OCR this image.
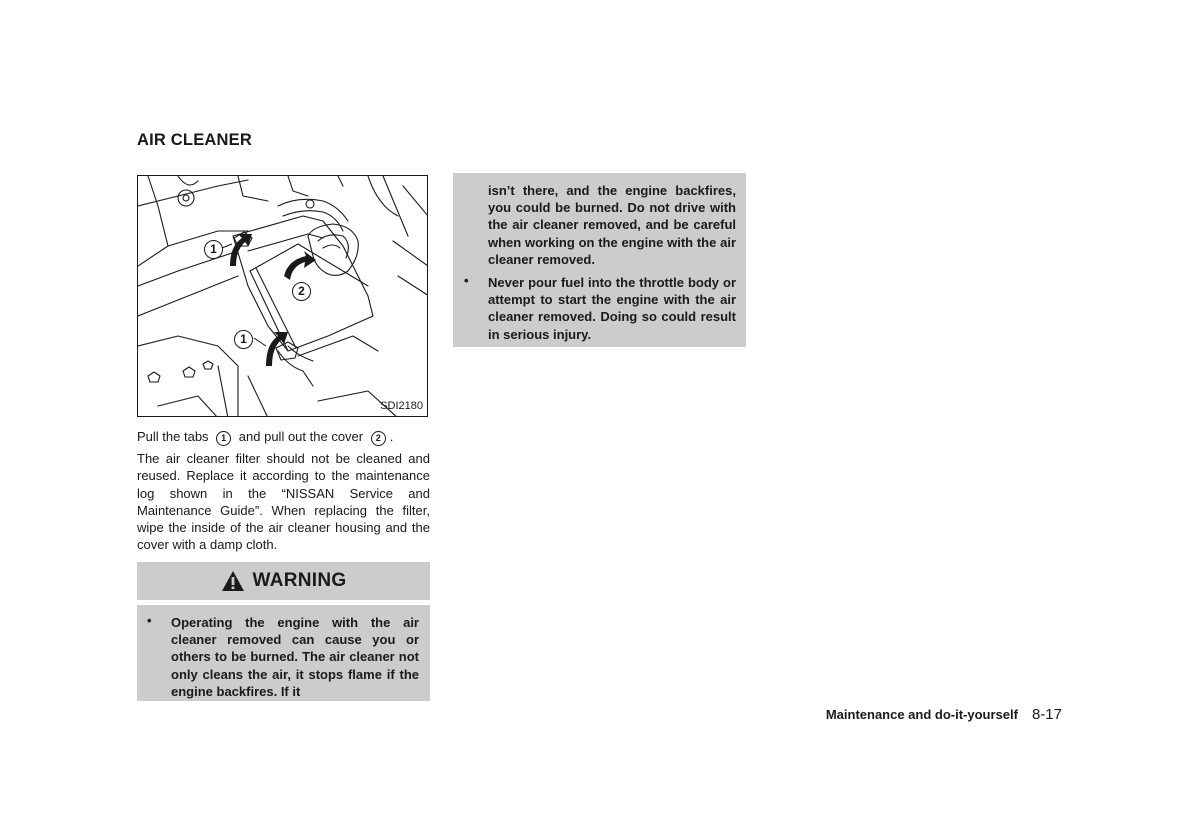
AIR CLEANER
1
2
1
SDI2180
Pull the tabs 1 and pull out the cover 2 .
The air cleaner filter should not be cleaned and reused. Replace it according to the maintenance log shown in the “NISSAN Service and Maintenance Guide”. When replacing the filter, wipe the inside of the air cleaner housing and the cover with a damp cloth.
WARNING
• Operating the engine with the air cleaner removed can cause you or others to be burned. The air cleaner not only cleans the air, it stops flame if the engine backfires. If it
isn’t there, and the engine backfires, you could be burned. Do not drive with the air cleaner removed, and be careful when working on the engine with the air cleaner removed.
• Never pour fuel into the throttle body or attempt to start the engine with the air cleaner removed. Doing so could result in serious injury.
Maintenance and do-it-yourself 8-17
